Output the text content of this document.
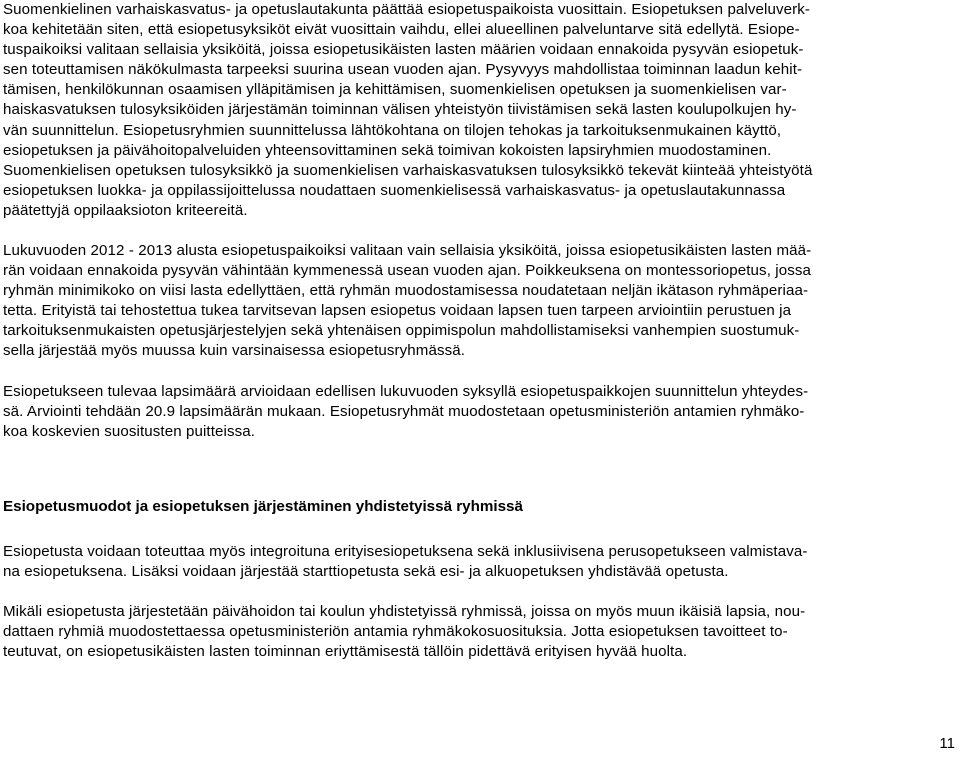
Suomenkielinen varhaiskasvatus- ja opetuslautakunta päättää esiopetuspaikoista vuosittain. Esiopetuksen palveluverk-
koa kehitetään siten, että esiopetusyksiköt eivät vuosittain vaihdu, ellei alueellinen palveluntarve sitä edellytä. Esiope-
tuspaikoiksi valitaan sellaisia yksiköitä, joissa esiopetusikäisten lasten määrien voidaan ennakoida pysyvän esiopetuk-
sen toteuttamisen näkökulmasta tarpeeksi suurina usean vuoden ajan. Pysyvyys mahdollistaa toiminnan laadun kehit-
tämisen, henkilökunnan osaamisen ylläpitämisen ja kehittämisen, suomenkielisen opetuksen ja suomenkielisen var-
haiskasvatuksen tulosyksiköiden järjestämän toiminnan välisen yhteistyön tiivistämisen sekä lasten koulupolkujen hy-
vän suunnittelun. Esiopetusryhmien suunnittelussa lähtökohtana on tilojen tehokas ja tarkoituksenmukainen käyttö,
esiopetuksen ja päivähoitopalveluiden yhteensovittaminen sekä toimivan kokoisten lapsiryhmien muodostaminen.
Suomenkielisen opetuksen tulosyksikkö ja suomenkielisen varhaiskasvatuksen tulosyksikkö tekevät kiinteää yhteistyötä
esiopetuksen luokka- ja oppilassijoittelussa noudattaen suomenkielisessä varhaiskasvatus- ja opetuslautakunnassa
päätettyjä oppilaaksioton kriteereitä.
Lukuvuoden 2012 - 2013 alusta esiopetuspaikoiksi valitaan vain sellaisia yksiköitä, joissa esiopetusikäisten lasten mää-
rän voidaan ennakoida pysyvän vähintään kymmenessä usean vuoden ajan. Poikkeuksena on montessoriopetus, jossa
ryhmän minimikoko on viisi lasta edellyttäen, että ryhmän muodostamisessa noudatetaan neljän ikätason ryhmäperiaa-
tetta. Erityistä tai tehostettua tukea tarvitsevan lapsen esiopetus voidaan lapsen tuen tarpeen arviointiin perustuen ja
tarkoituksenmukaisten opetusjärjestelyjen sekä yhtenäisen oppimispolun mahdollistamiseksi vanhempien suostumuk-
sella järjestää myös muussa kuin varsinaisessa esiopetusryhmässä.
Esiopetukseen tulevaa lapsimäärä arvioidaan edellisen lukuvuoden syksyllä esiopetuspaikkojen suunnittelun yhteydes-
sä. Arviointi tehdään 20.9 lapsimäärän mukaan. Esiopetusryhmät muodostetaan opetusministeriön antamien ryhmäko-
koa koskevien suositusten puitteissa.
Esiopetusmuodot ja esiopetuksen järjestäminen yhdistetyissä ryhmissä
Esiopetusta voidaan toteuttaa myös integroituna erityisesiopetuksena sekä inklusiivisena perusopetukseen valmistava-
na esiopetuksena. Lisäksi voidaan järjestää starttiopetusta sekä esi- ja alkuopetuksen yhdistävää opetusta.
Mikäli esiopetusta järjestetään päivähoidon tai koulun yhdistetyissä ryhmissä, joissa on myös muun ikäisiä lapsia, nou-
dattaen ryhmiä muodostettaessa opetusministeriön antamia ryhmäkokosuosituksia. Jotta esiopetuksen tavoitteet to-
teutuvat, on esiopetusikäisten lasten toiminnan eriyttämisestä tällöin pidettävä erityisen hyvää huolta.
11
